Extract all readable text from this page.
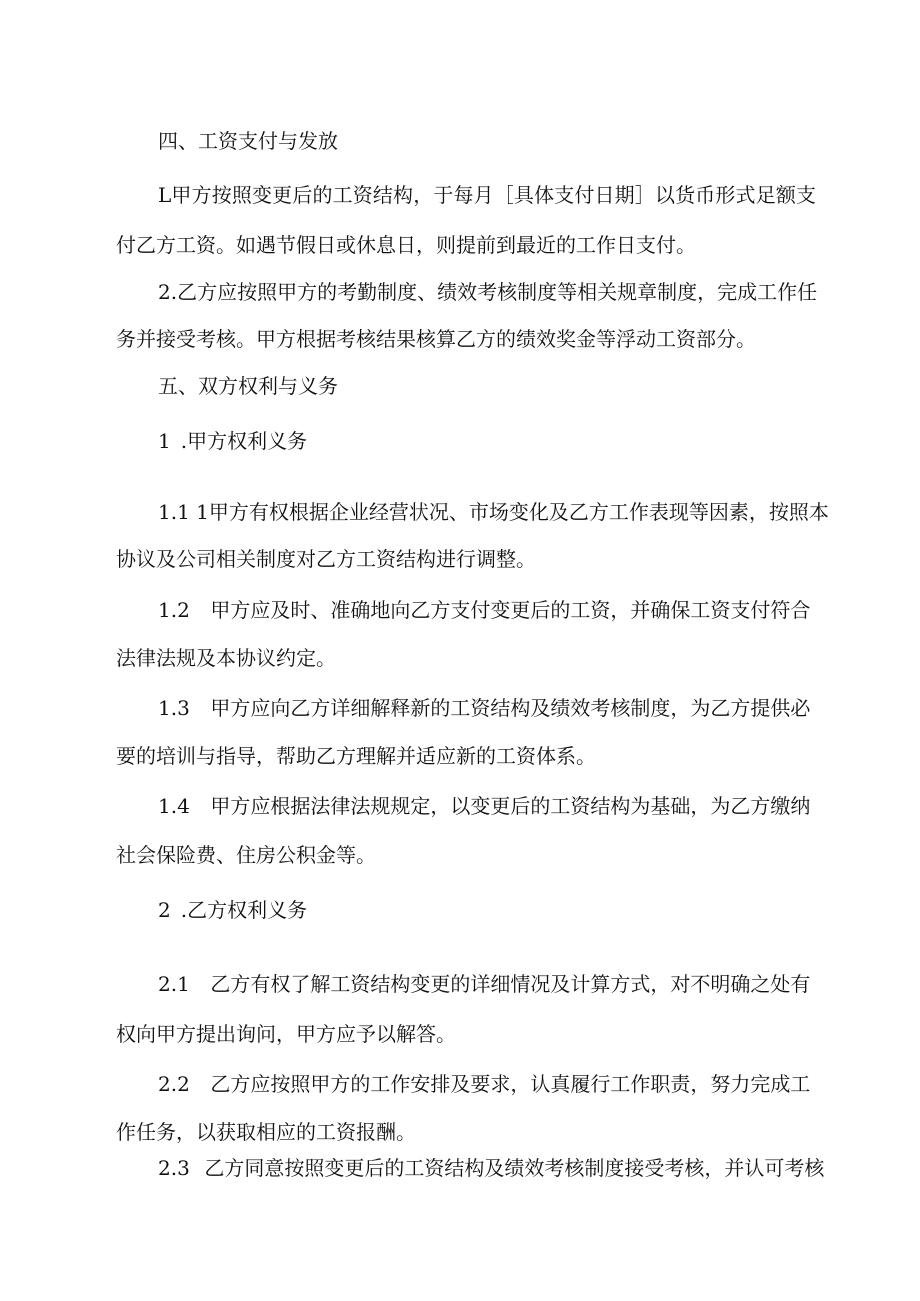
四、工资支付与发放

L甲方按照变更后的工资结构，于每月［具体支付日期］以货币形式足额支

付乙方工资。如遇节假日或休息日，则提前到最近的工作日支付。

2.乙方应按照甲方的考勤制度、绩效考核制度等相关规章制度，完成工作任

务并接受考核。甲方根据考核结果核算乙方的绩效奖金等浮动工资部分。

五、双方权利与义务

1 .甲方权利义务

1.1 1甲方有权根据企业经营状况、市场变化及乙方工作表现等因素，按照本

协议及公司相关制度对乙方工资结构进行调整。

1.2 甲方应及时、准确地向乙方支付变更后的工资，并确保工资支付符合

法律法规及本协议约定。

1.3 甲方应向乙方详细解释新的工资结构及绩效考核制度，为乙方提供必

要的培训与指导，帮助乙方理解并适应新的工资体系。

1.4 甲方应根据法律法规规定，以变更后的工资结构为基础，为乙方缴纳

社会保险费、住房公积金等。

2 .乙方权利义务

2.1 乙方有权了解工资结构变更的详细情况及计算方式，对不明确之处有

权向甲方提出询问，甲方应予以解答。

2.2 乙方应按照甲方的工作安排及要求，认真履行工作职责，努力完成工

作任务，以获取相应的工资报酬。

2.3 乙方同意按照变更后的工资结构及绩效考核制度接受考核，并认可考核
